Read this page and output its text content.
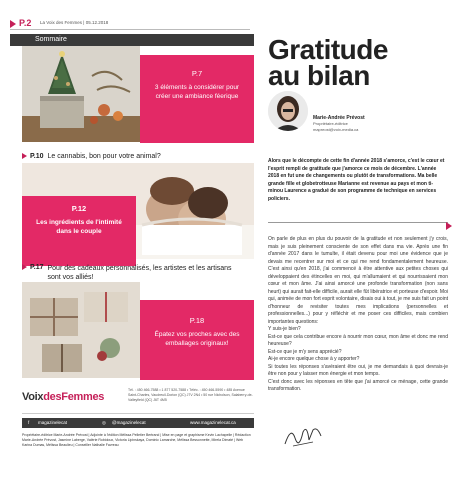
P.2 La Voix des Femmes | 05.12.2018
Sommaire
P.7
3 éléments à considérer pour créer une ambiance féerique
P.10 Le cannabis, bon pour votre animal?
P.12
Les ingrédients de l'intimité dans le couple
P.17 Pour des cadeaux personnalisés, les artistes et les artisans sont vos alliés!
P.18
Épatez vos proches avec des emballages originaux!
VoixdesFemmes
Tél. : 450 466-7588 • 1 877 520-7588 • Téléc. : 450 466-5590 • 485 Avenue Saint-Charles, Vaudreuil-Dorion (QC) J7V 2N4 • 50 rue Nicholson, Salaberry-de-Valleyfield (QC) J6T 4M5
f magazinelecat	◎ @magazinelecat	www.magazinelecat.ca
Propriétaire-éditrice Marie-Andrée Prévost | Adjointe à l'édition Mélissa Pelletier Bertrand | Mise en page et graphisme Kevin Lachapelle | Rédaction Marie-Andrée Prévost, Jasmine Laberge, Valérie Robidoux, Victoria Lipinskaya, Dominic Lamarche, Mélissa Bessonnette, Mirela Dimaté | Web Karina Dumas, Mélissa Beaulieu | Conseiller Nathalie Favreau
Gratitude
au bilan
Marie-Andrée Prévost
Propriétaire-éditrice
mapreost@voix-media.ca
Alors que le décompte de cette fin d'année 2018 s'amorce, c'est le cœur et l'esprit rempli de gratitude que j'amorce ce mois de décembre. L'année 2018 en fut une de changements ou plutôt de transformations. Ma belle grande fille et globetrotteuse Marianne est revenue au pays et mon ti-minou Laurence a gradué de son programme de technique en services policiers.

On parle de plus en plus du pouvoir de la gratitude et non seulement j'y crois, mais je suis pleinement consciente de son effet dans ma vie. Après une fin d'année 2017 dans le tumulte, il était devenu pour moi une évidence que je devais me recentrer sur moi et ce qui me rend fondamentalement heureuse. C'est ainsi qu'en 2018, j'ai commencé à être attentive aux petites choses qui développaient des étincelles en moi, qui m'allumaient et qui nourrissaient mon cœur et mon âme. J'ai ainsi amorcé une profonde transformation (non sans heurt) qui aurait fait-elle difficile, aurait elle fût libératrice et porteuse d'espoir. Moi qui, animée de mon fort esprit volontaire, disais oui à tout, je me suis fait un point d'honneur de revisiter toutes mes implications (personnelles et professionnelles...) pour y réfléchir et me poser ces difficiles, mais combien importantes questions:

Y suis-je bien?

Est-ce que cela contribue encore à nourrir mon cœur, mon âme et donc me rend heureuse?

Est-ce que je m'y sens apprécié?

Ai-je encore quelque chose à y apporter?

Si toutes les réponses s'avéraient être oui, je me demandais à quoi devrais-je être non pour y laisser mon énergie et mon temps.

C'est donc avec les réponses en tête que j'ai amorcé ce ménage, cette grande transformation.
